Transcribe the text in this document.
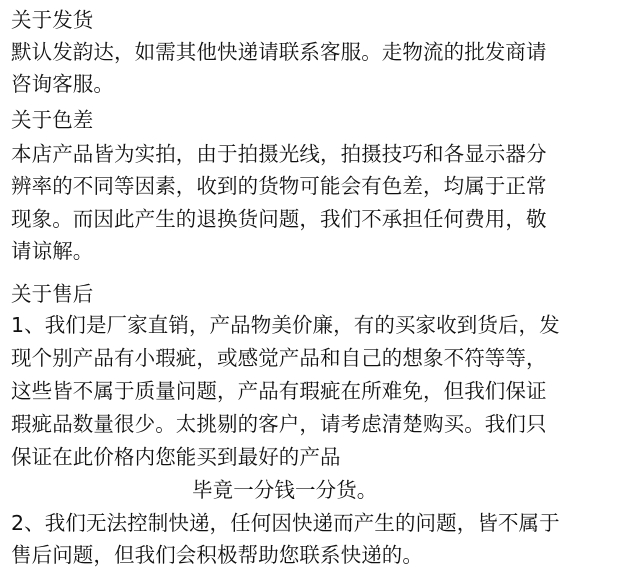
关于发货
默认发韵达，如需其他快递请联系客服。走物流的批发商请
咨询客服。
关于色差
本店产品皆为实拍，由于拍摄光线，拍摄技巧和各显示器分
辨率的不同等因素，收到的货物可能会有色差，均属于正常
现象。而因此产生的退换货问题，我们不承担任何费用，敬
请谅解。
关于售后
1、我们是厂家直销，产品物美价廉，有的买家收到货后，发
现个别产品有小瑕疵，或感觉产品和自己的想象不符等等，
这些皆不属于质量问题，产品有瑕疵在所难免，但我们保证
瑕疵品数量很少。太挑剔的客户，请考虑清楚购买。我们只
保证在此价格内您能买到最好的产品
毕竟一分钱一分货。
2、我们无法控制快递，任何因快递而产生的问题，皆不属于
售后问题，但我们会积极帮助您联系快递的。
